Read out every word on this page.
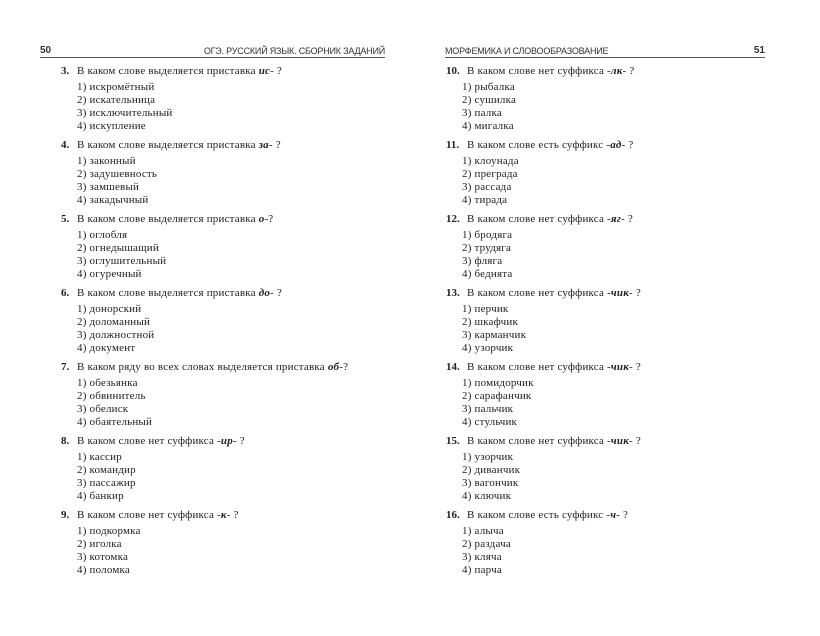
50	ОГЭ. РУССКИЙ ЯЗЫК. СБОРНИК ЗАДАНИЙ	МОРФЕМИКА И СЛОВООБРАЗОВАНИЕ	51
3. В каком слове выделяется приставка ис- ?
1) искромётный
2) искательница
3) исключительный
4) искупление
4. В каком слове выделяется приставка за- ?
1) законный
2) задушевность
3) замшевый
4) закадычный
5. В каком слове выделяется приставка о-?
1) оглобля
2) огнедышащий
3) оглушительный
4) огуречный
6. В каком слове выделяется приставка до- ?
1) донорский
2) доломанный
3) должностной
4) документ
7. В каком ряду во всех словах выделяется приставка об-?
1) обезьянка
2) обвинитель
3) обелиск
4) обаятельный
8. В каком слове нет суффикса -ир- ?
1) кассир
2) командир
3) пассажир
4) банкир
9. В каком слове нет суффикса -к- ?
1) подкормка
2) иголка
3) котомка
4) поломка
10. В каком слове нет суффикса -лк- ?
1) рыбалка
2) сушилка
3) палка
4) мигалка
11. В каком слове есть суффикс -ад- ?
1) клоунада
2) преграда
3) рассада
4) тирада
12. В каком слове нет суффикса -яг- ?
1) бродяга
2) трудяга
3) фляга
4) беднята
13. В каком слове нет суффикса -чик- ?
1) перчик
2) шкафчик
3) карманчик
4) узорчик
14. В каком слове нет суффикса -чик- ?
1) помидорчик
2) сарафанчик
3) пальчик
4) стульчик
15. В каком слове нет суффикса -чик- ?
1) узорчик
2) диванчик
3) вагончик
4) ключик
16. В каком слове есть суффикс -ч- ?
1) алыча
2) раздача
3) кляча
4) парча
